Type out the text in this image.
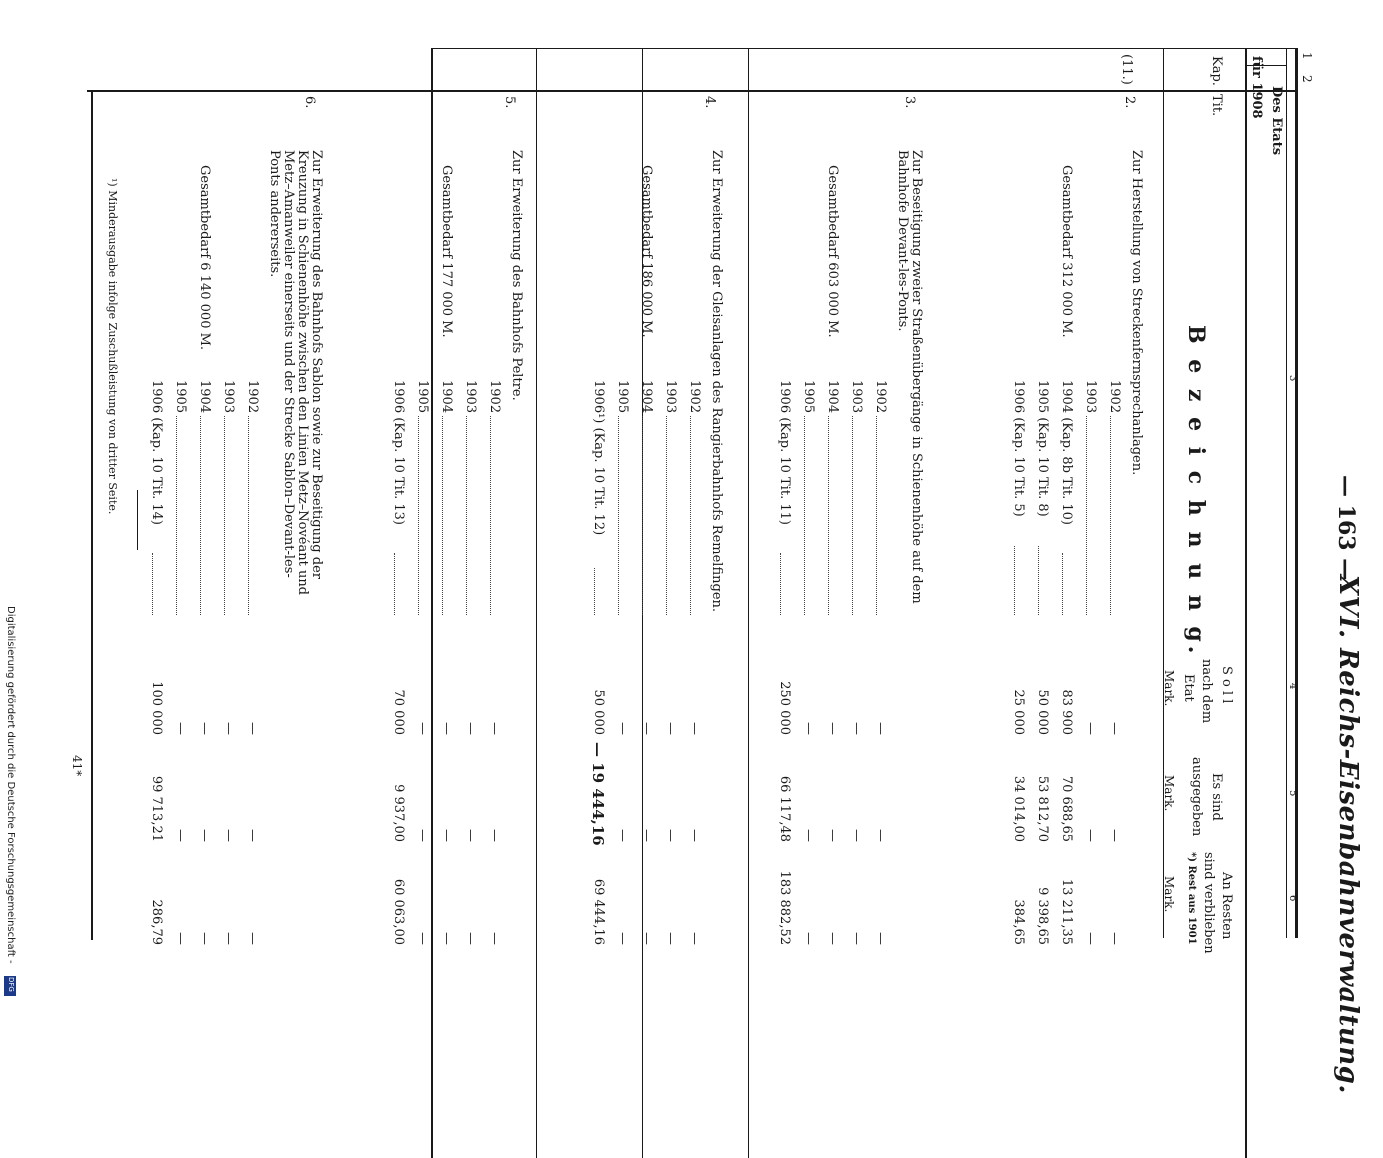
— 163 —
XVI. Reichs-Eisenbahnverwaltung.
1
2
3
4
5
6
Des Etats
für 1908
Kap.
Tit.
B e z e i c h n u n g.
S o l l
nach dem
Etat
Mark.
Es sind
ausgegeben
Mark.
An Resten
sind verblieben
*) Rest aus 1901
Mark.
(11.)
2.
Zur Herstellung von Streckenfernsprechanlagen.
1902
—
—
—
1903
—
—
—
1904 (Kap. 8b Tit. 10)
83 900
70 688,65
13 211,35
1905 (Kap. 10 Tit. 8)
50 000
53 812,70
9 398,65
1906 (Kap. 10 Tit. 5)
25 000
34 014,00
384,65
Gesamtbedarf 312 000 M.
3.
Zur Beseitigung zweier Straßenübergänge in Schienenhöhe auf dem
Bahnhofe Devant-les-Ponts.
1902
—
—
—
1903
—
—
—
1904
—
—
—
1905
—
—
—
1906 (Kap. 10 Tit. 11)
250 000
66 117,48
183 882,52
Gesamtbedarf 603 000 M.
4.
Zur Erweiterung der Gleisanlagen des Rangierbahnhofs Remelfingen.
1902
—
—
—
1903
—
—
—
1904
—
—
—
1905
—
—
—
1906¹) (Kap. 10 Tit. 12)
50 000
— 19 444,16
69 444,16
Gesamtbedarf 186 000 M.
5.
Zur Erweiterung des Bahnhofs Peltre.
1902
—
—
—
1903
—
—
—
1904
—
—
—
1905
—
—
—
1906 (Kap. 10 Tit. 13)
70 000
9 937,00
60 063,00
Gesamtbedarf 177 000 M.
6.
Zur Erweiterung des Bahnhofs Sablon sowie zur Beseitigung der
Kreuzung in Schienenhöhe zwischen den Linien Metz–Novéant und
Metz–Amanweiler einerseits und der Strecke Sablon–Devant-les-
Ponts andererseits.
1902
—
—
—
1903
—
—
—
1904
—
—
—
1905
—
—
—
1906 (Kap. 10 Tit. 14)
100 000
99 713,21
286,79
Gesamtbedarf 6 140 000 M.
¹) Minderausgabe infolge Zuschußleistung von dritter Seite.
41*
Digitalisierung gefördert durch die Deutsche Forschungsgemeinschaft -
DFG
